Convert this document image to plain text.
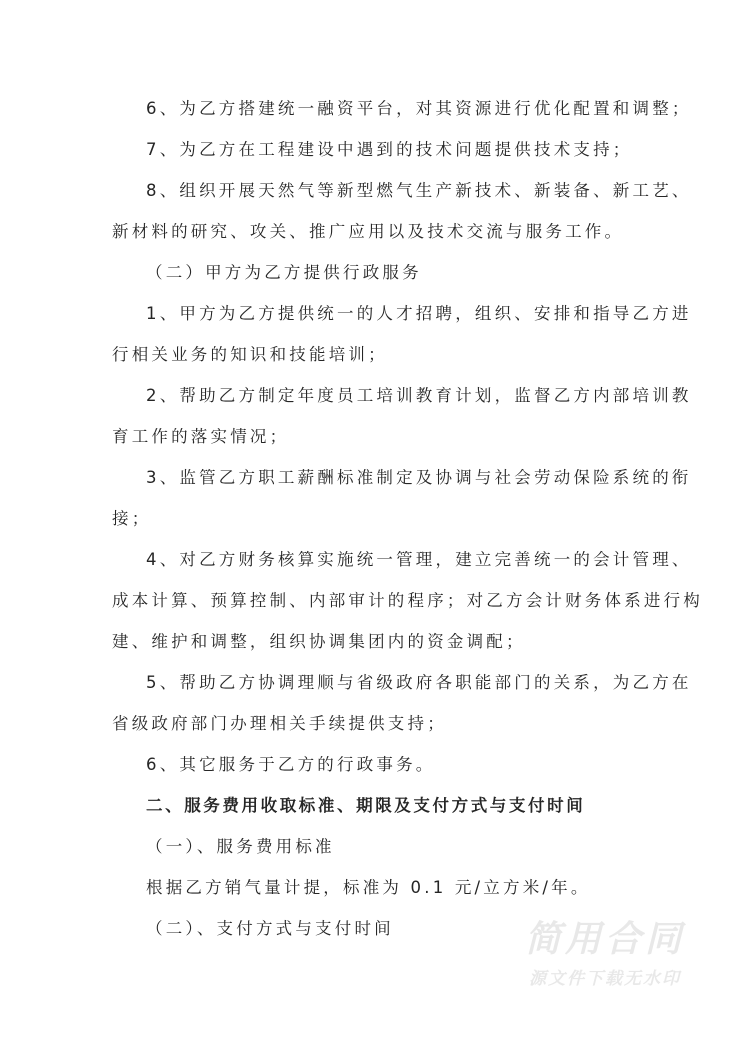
6、为乙方搭建统一融资平台，对其资源进行优化配置和调整；
7、为乙方在工程建设中遇到的技术问题提供技术支持；
8、组织开展天然气等新型燃气生产新技术、新装备、新工艺、
新材料的研究、攻关、推广应用以及技术交流与服务工作。
（二）甲方为乙方提供行政服务
1、甲方为乙方提供统一的人才招聘，组织、安排和指导乙方进
行相关业务的知识和技能培训；
2、帮助乙方制定年度员工培训教育计划，监督乙方内部培训教
育工作的落实情况；
3、监管乙方职工薪酬标准制定及协调与社会劳动保险系统的衔
接；
4、对乙方财务核算实施统一管理，建立完善统一的会计管理、
成本计算、预算控制、内部审计的程序；对乙方会计财务体系进行构
建、维护和调整，组织协调集团内的资金调配；
5、帮助乙方协调理顺与省级政府各职能部门的关系，为乙方在
省级政府部门办理相关手续提供支持；
6、其它服务于乙方的行政事务。
二、服务费用收取标准、期限及支付方式与支付时间
（一）、服务费用标准
根据乙方销气量计提，标准为 0.1 元/立方米/年。
（二）、支付方式与支付时间	简用合同
源文件下载无水印
